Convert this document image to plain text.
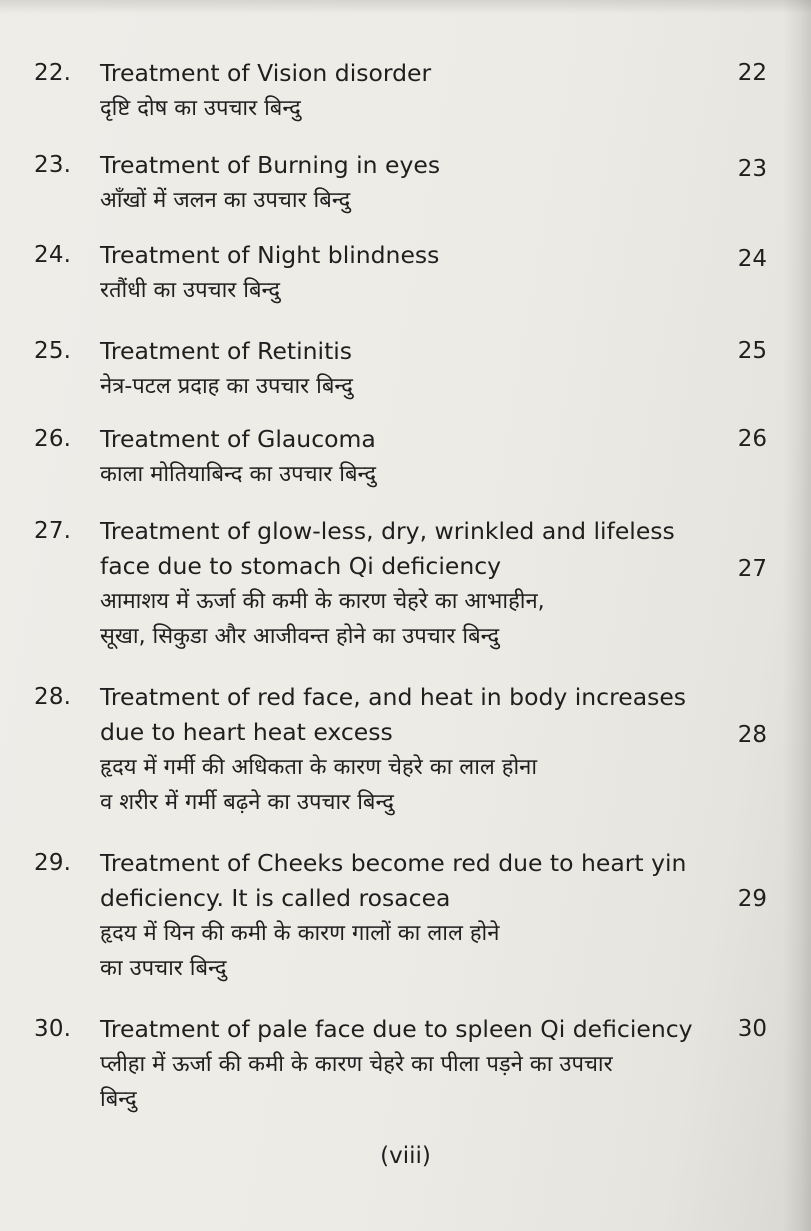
22. Treatment of Vision disorder
दृष्टि दोष का उपचार बिन्दु
22
23. Treatment of Burning in eyes
आँखों में जलन का उपचार बिन्दु
23
24. Treatment of Night blindness
रतौंधी का उपचार बिन्दु
24
25. Treatment of Retinitis
नेत्र-पटल प्रदाह का उपचार बिन्दु
25
26. Treatment of Glaucoma
काला मोतियाबिन्द का उपचार बिन्दु
26
27. Treatment of glow-less, dry, wrinkled and lifeless
face due to stomach Qi deficiency
आमाशय में ऊर्जा की कमी के कारण चेहरे का आभाहीन,
सूखा, सिकुडा और आजीवन्त होने का उपचार बिन्दु
27
28. Treatment of red face, and heat in body increases
due to heart heat excess
हृदय में गर्मी की अधिकता के कारण चेहरे का लाल होना
व शरीर में गर्मी बढ़ने का उपचार बिन्दु
28
29. Treatment of Cheeks become red due to heart yin
deficiency. It is called rosacea
हृदय में यिन की कमी के कारण गालों का लाल होने
का उपचार बिन्दु
29
30. Treatment of pale face due to spleen Qi deficiency
प्लीहा में ऊर्जा की कमी के कारण चेहरे का पीला पड़ने का उपचार
बिन्दु
30
(viii)
